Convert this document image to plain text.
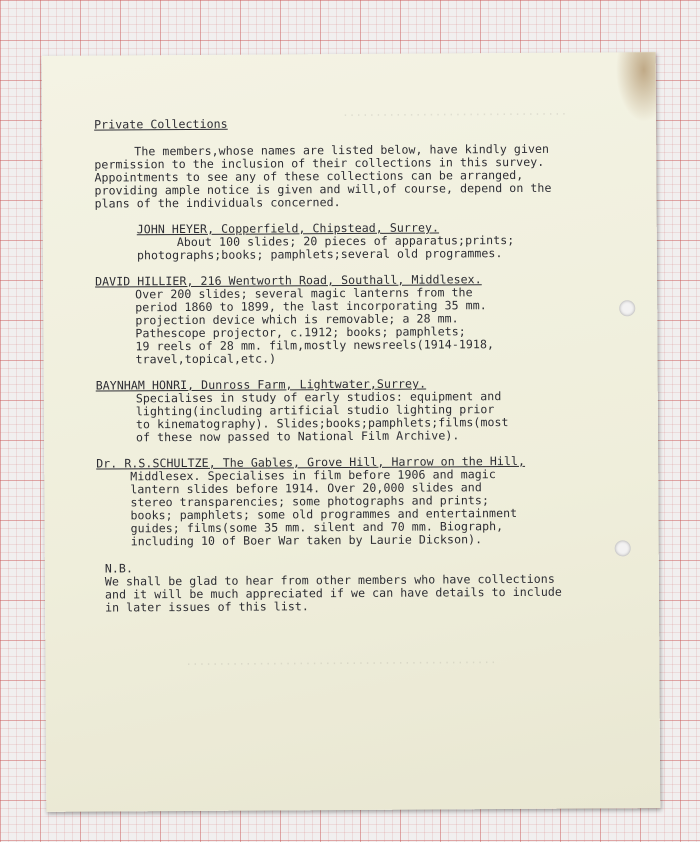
..................................
...............................................
Private Collections
The members,whose names are listed below, have kindly given
permission to the inclusion of their collections in this survey.
Appointments to see any of these collections can be arranged,
providing ample notice is given and will,of course, depend on the
plans of the individuals concerned.
JOHN HEYER, Copperfield, Chipstead, Surrey.
About 100 slides; 20 pieces of apparatus;prints;
photographs;books; pamphlets;several old programmes.
DAVID HILLIER, 216 Wentworth Road, Southall, Middlesex.
Over 200 slides; several magic lanterns from the
period 1860 to 1899, the last incorporating 35 mm.
projection device which is removable; a 28 mm.
Pathescope projector, c.1912; books; pamphlets;
19 reels of 28 mm. film,mostly newsreels(1914-1918,
travel,topical,etc.)
BAYNHAM HONRI, Dunross Farm, Lightwater,Surrey.
Specialises in study of early studios: equipment and
lighting(including artificial studio lighting prior
to kinematography). Slides;books;pamphlets;films(most
of these now passed to National Film Archive).
Dr. R.S.SCHULTZE, The Gables, Grove Hill, Harrow on the Hill,
Middlesex. Specialises in film before 1906 and magic
lantern slides before 1914. Over 20,000 slides and
stereo transparencies; some photographs and prints;
books; pamphlets; some old programmes and entertainment
guides; films(some 35 mm. silent and 70 mm. Biograph,
including 10 of Boer War taken by Laurie Dickson).
N.B.
We shall be glad to hear from other members who have collections
and it will be much appreciated if we can have details to include
in later issues of this list.
